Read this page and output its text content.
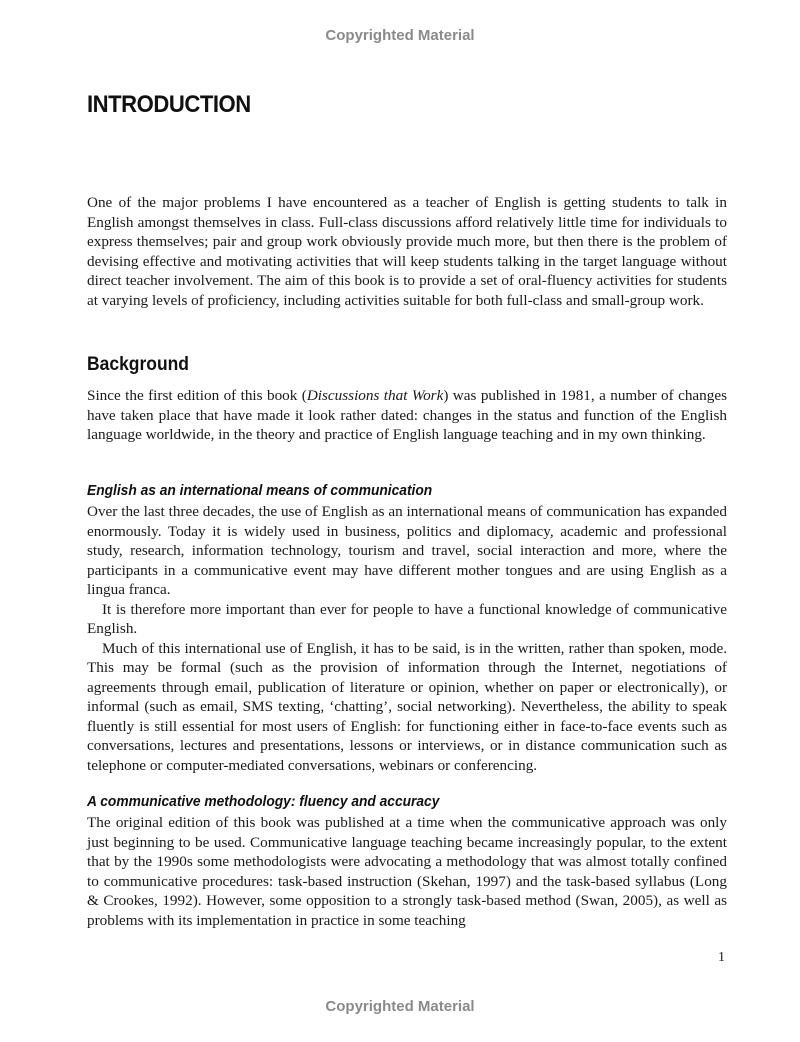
Copyrighted Material
INTRODUCTION

One of the major problems I have encountered as a teacher of English is getting students to talk in English amongst themselves in class. Full-class discussions afford relatively little time for individuals to express themselves; pair and group work obviously provide much more, but then there is the problem of devising effective and motivating activities that will keep students talking in the target language without direct teacher involvement. The aim of this book is to provide a set of oral-fluency activities for students at varying levels of proficiency, including activities suitable for both full-class and small-group work.

Background

Since the first edition of this book (Discussions that Work) was published in 1981, a number of changes have taken place that have made it look rather dated: changes in the status and function of the English language worldwide, in the theory and practice of English language teaching and in my own thinking.

English as an international means of communication

Over the last three decades, the use of English as an international means of communication has expanded enormously. Today it is widely used in business, politics and diplomacy, academic and professional study, research, information technology, tourism and travel, social interaction and more, where the participants in a communicative event may have different mother tongues and are using English as a lingua franca.

It is therefore more important than ever for people to have a functional knowledge of communicative English.

Much of this international use of English, it has to be said, is in the written, rather than spoken, mode. This may be formal (such as the provision of information through the Internet, negotiations of agreements through email, publication of literature or opinion, whether on paper or electronically), or informal (such as email, SMS texting, ‘chatting’, social networking). Nevertheless, the ability to speak fluently is still essential for most users of English: for functioning either in face-to-face events such as conversations, lectures and presentations, lessons or interviews, or in distance communication such as telephone or computer-mediated conversations, webinars or conferencing.

A communicative methodology: fluency and accuracy

The original edition of this book was published at a time when the communicative approach was only just beginning to be used. Communicative language teaching became increasingly popular, to the extent that by the 1990s some methodologists were advocating a methodology that was almost totally confined to communicative procedures: task-based instruction (Skehan, 1997) and the task-based syllabus (Long & Crookes, 1992). However, some opposition to a strongly task-based method (Swan, 2005), as well as problems with its implementation in practice in some teaching

1
Copyrighted Material
